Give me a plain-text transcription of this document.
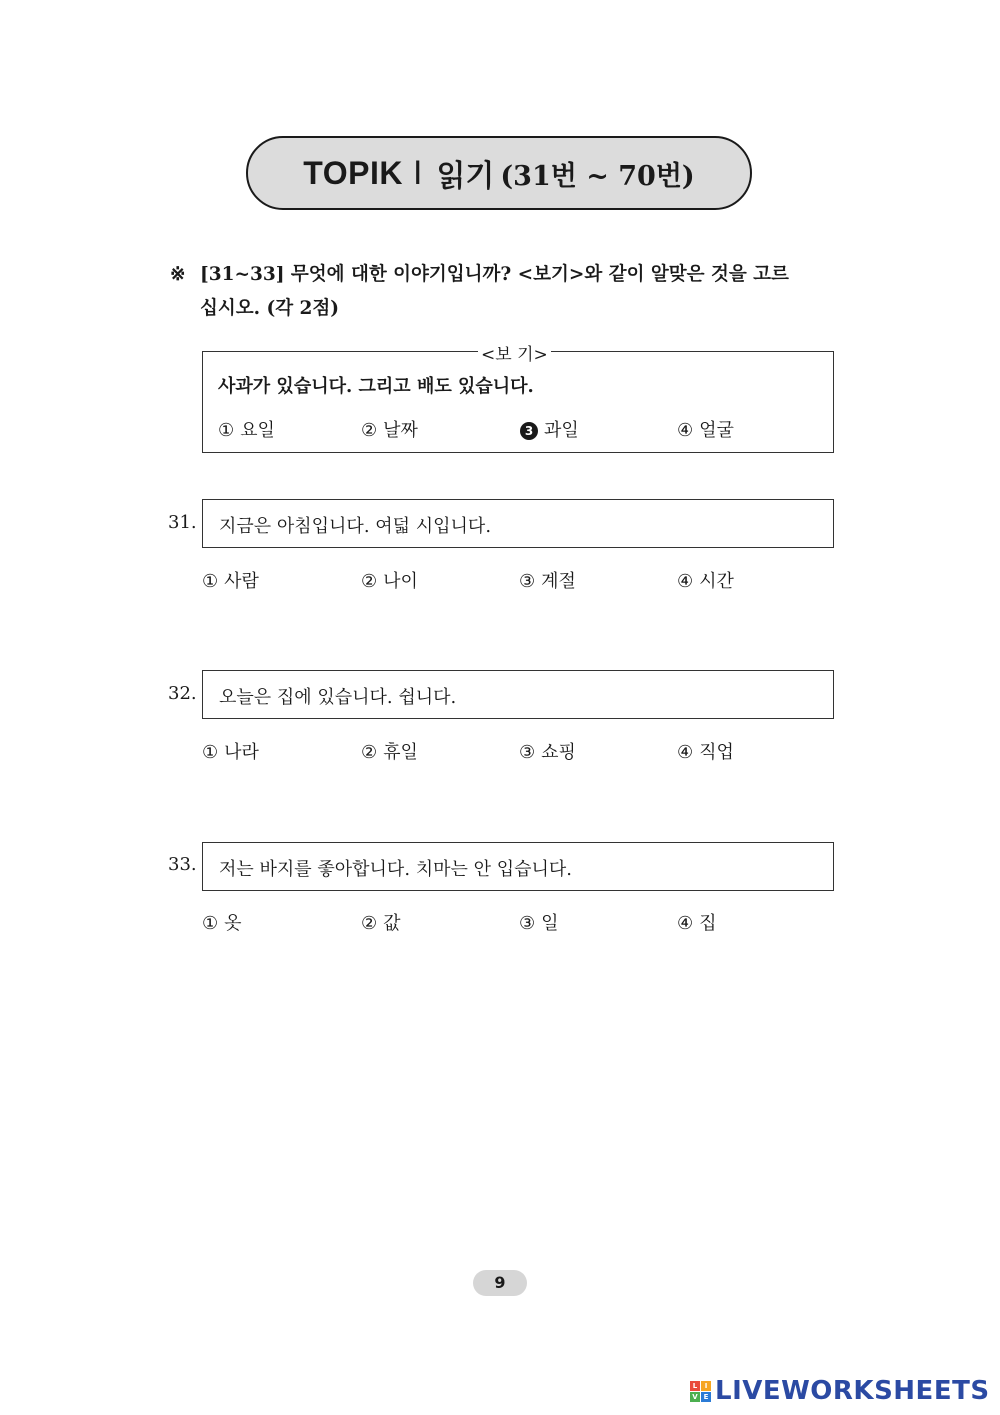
TOPIK Ⅰ 읽기 (31번 ~ 70번)
※ [31~33] 무엇에 대한 이야기입니까? <보기>와 같이 알맞은 것을 고르
십시오. (각 2점)
<보 기>
사과가 있습니다. 그리고 배도 있습니다.
① 요일	② 날짜	3 과일	④ 얼굴
31. 지금은 아침입니다. 여덟 시입니다.
① 사람	② 나이	③ 계절	④ 시간
32. 오늘은 집에 있습니다. 쉽니다.
① 나라	② 휴일	③ 쇼핑	④ 직업
33. 저는 바지를 좋아합니다. 치마는 안 입습니다.
① 옷	② 값	③ 일	④ 집
9
L	I
V E LIVEWORKSHEETS
